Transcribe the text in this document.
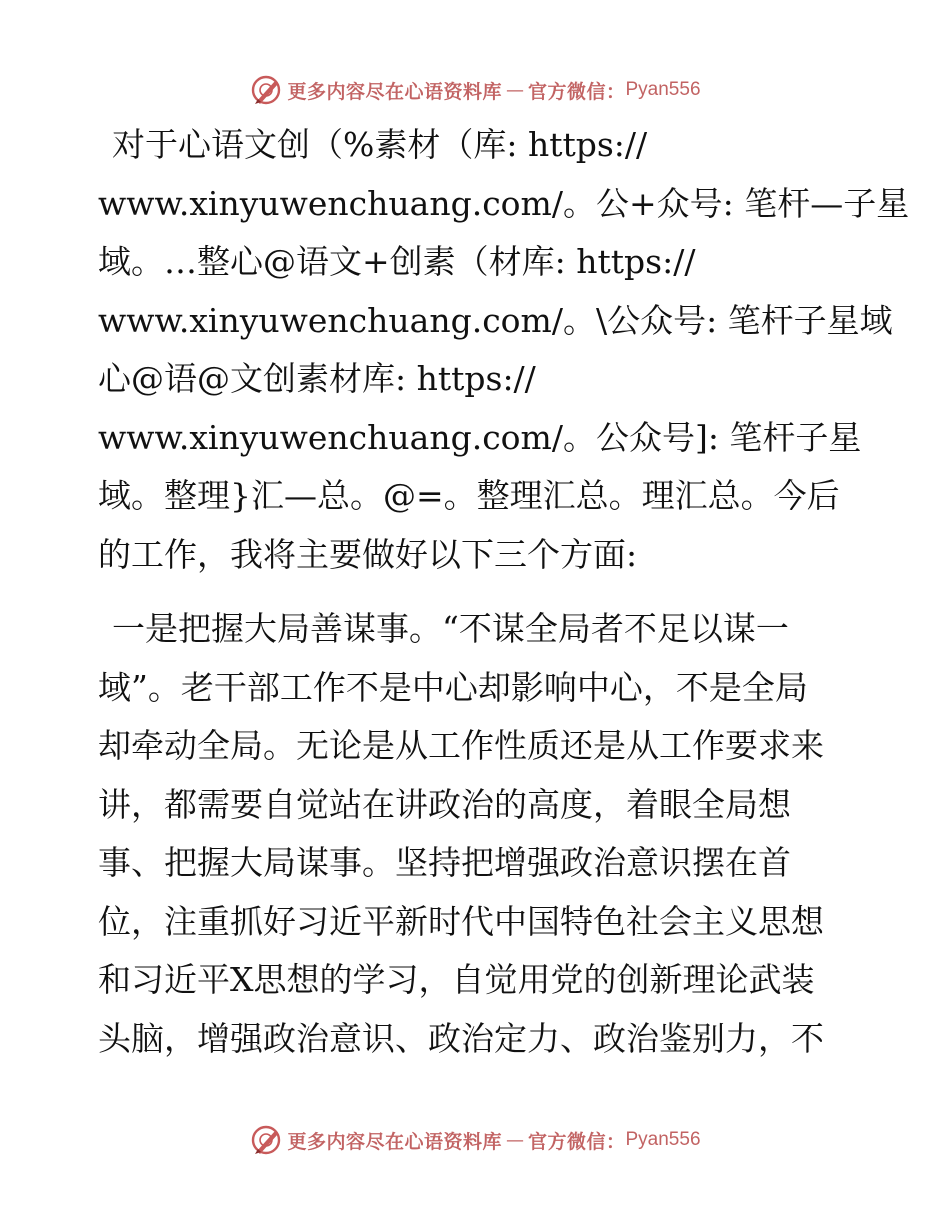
更多内容尽在心语资料库 — 官方微信： Pyan556

对于心语文创（%素材（库: https://
www.xinyuwenchuang.com/。公+众号: 笔杆—子星
域。…整心@语文+创素（材库: https://
www.xinyuwenchuang.com/。\公众号: 笔杆子星域
心@语@文创素材库: https://
www.xinyuwenchuang.com/。公众号]: 笔杆子星
域。整理}汇—总。@=。整理汇总。理汇总。今后
的工作，我将主要做好以下三个方面:

一是把握大局善谋事。“不谋全局者不足以谋一
域”。老干部工作不是中心却影响中心，不是全局
却牵动全局。无论是从工作性质还是从工作要求来
讲，都需要自觉站在讲政治的高度，着眼全局想
事、把握大局谋事。坚持把增强政治意识摆在首
位，注重抓好习近平新时代中国特色社会主义思想
和习近平X思想的学习，自觉用党的创新理论武装
头脑，增强政治意识、政治定力、政治鉴别力，不

更多内容尽在心语资料库 — 官方微信： Pyan556
